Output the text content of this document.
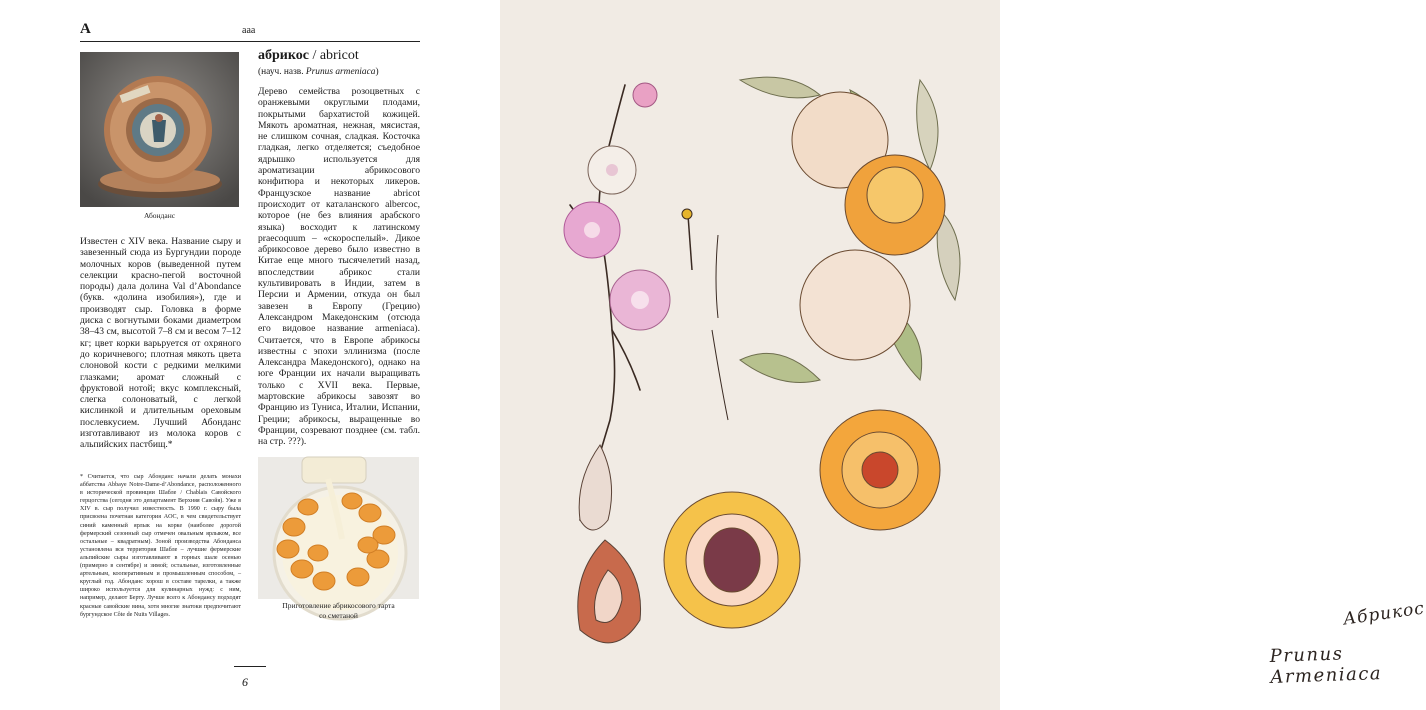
A	ааа
Абонданс
Известен с XIV века. Название сыру и завезенный сюда из Бургундии породе молочных коров (выведенной путем селекции красно-пегой восточной породы) дала долина Val d’Abondance (букв. «долина изобилия»), где и производят сыр. Головка в форме диска с вогнутыми боками диаметром 38–43 см, высотой 7–8 см и весом 7–12 кг; цвет корки варьруется от охряного до коричневого; плотная мякоть цвета слоновой кости с редкими мелкими глазками; аромат сложный с фруктовой нотой; вкус комплексный, слегка солоноватый, с легкой кислинкой и длительным ореховым послевкусием. Лучший Абонданс изготавливают из молока коров с альпийских пастбищ.*
* Считается, что сыр Абонданс начали делать монахи аббатства Abbaye Notre-Dame-d’Abondance, расположенного в исторической провинции Шабле / Chablais Савойского герцогства (сегодня это департамент Верхняя Савойя). Уже в XIV в. сыр получил известность. В 1990 г. сыру была присвоена почетная категория AOC, в чем свидетельствует синий каменный ярлык на корке (наиболее дорогой фермерский сезонный сыр отмечен овальным ярлыком, все остальные – квадратным). Зоной производства Абонданса установлена вся территория Шабле – лучшие фермерские альпийские сыры изготавливают в горных шале осенью (примерно в сентябре) и зимой; остальные, изготовленные артельным, кооперативным и промышленным способом, – круглый год. Абонданс хорош в составе тарелки, а также широко используется для кулинарных нужд: с ним, например, делают Берту. Лучше всего к Абондансу подходят красные савойские вина, хотя многие знатоки предпочитают бургундское Côte de Nuits Villages.
абрикос / abricot
(науч. назв. Prunus armeniaca)
Дерево семейства розоцветных с оранжевыми округлыми плодами, покрытыми бархатистой кожицей. Мякоть ароматная, нежная, мясистая, не слишком сочная, сладкая. Косточка гладкая, легко отделяется; съедобное ядрышко используется для ароматизации абрикосового конфитюра и некоторых ликеров. Французское название abricot происходит от каталанского albercoc, которое (не без влияния арабского языка) восходит к латинскому praecoquum – «скороспелый». Дикое абрикосовое дерево было известно в Китае еще много тысячелетий назад, впоследствии абрикос стали культивировать в Индии, затем в Персии и Армении, откуда он был завезен в Европу (Грецию) Александром Македонским (отсюда его видовое название armeniaca). Считается, что в Европе абрикосы известны с эпохи эллинизма (после Александра Македонского), однако на юге Франции их начали выращивать только с XVII века. Первые, мартовские абрикосы завозят во Францию из Туниса, Италии, Испании, Греции; абрикосы, выращенные во Франции, созревают позднее (см. табл. на стр. ???).
Приготовление абрикосового тарта
со сметаной
6
Абрикос
Prunus Armeniaca
